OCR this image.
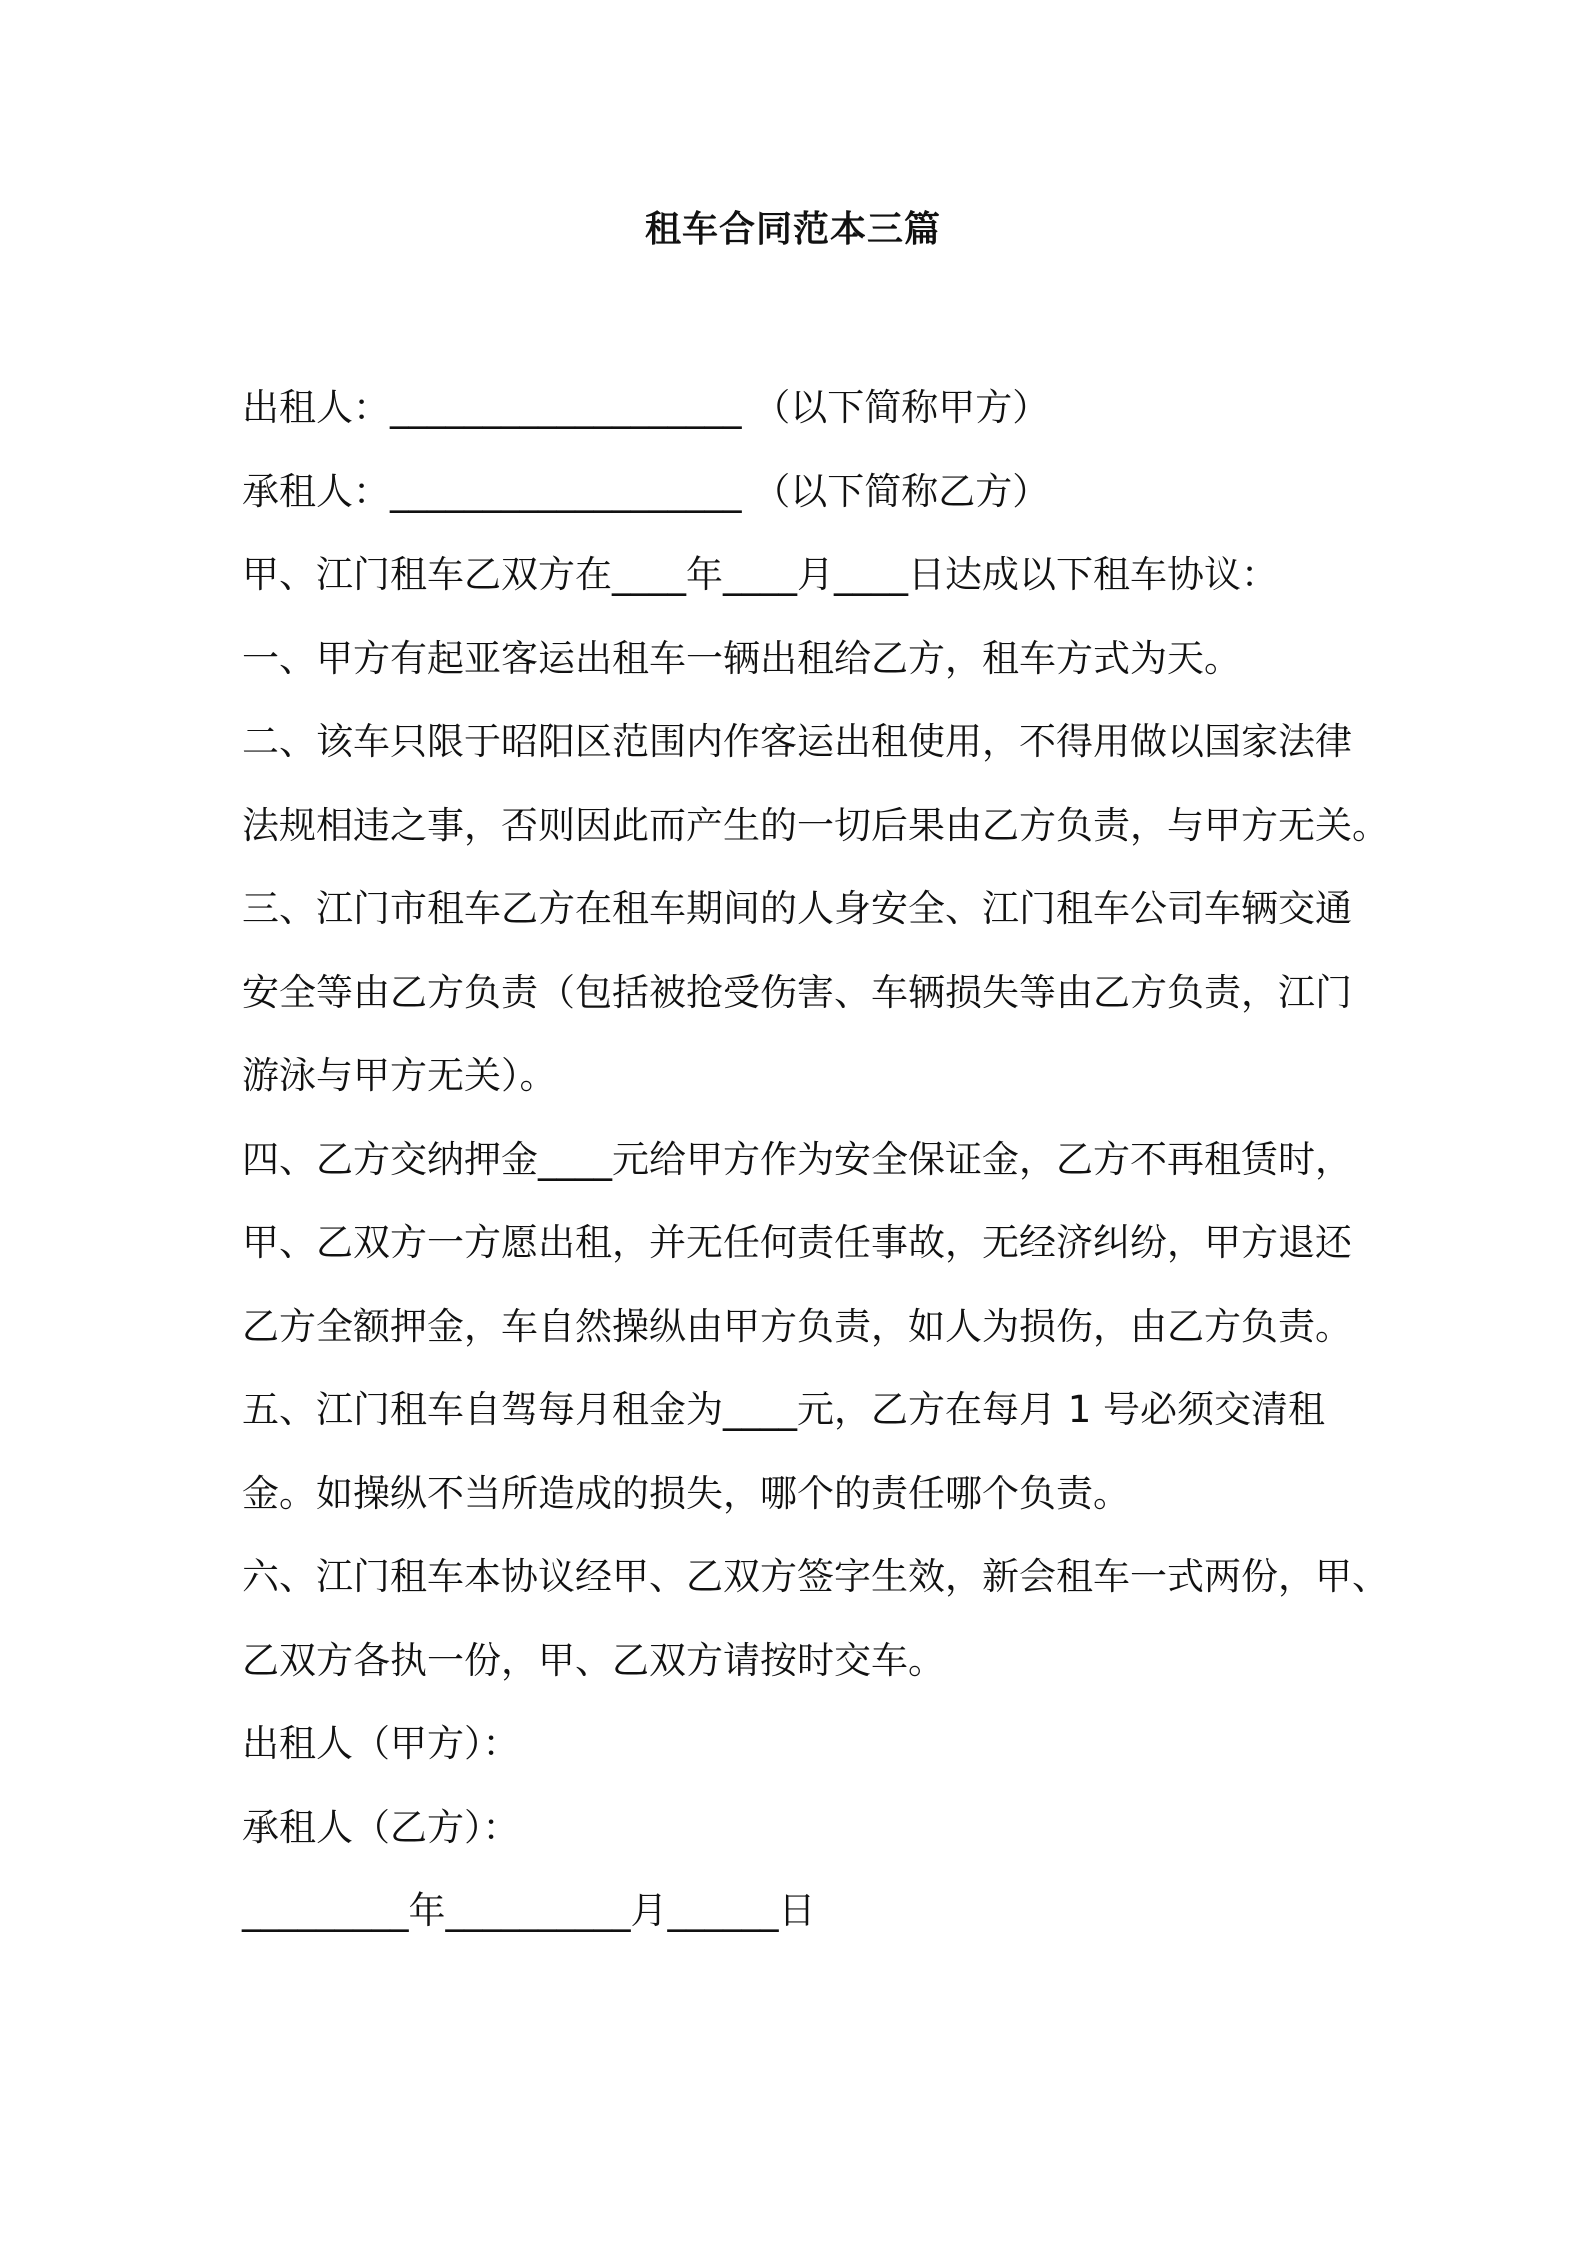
租车合同范本三篇
出租人：___________________ （以下简称甲方）
承租人：___________________ （以下简称乙方）
甲、江门租车乙双方在____年____月____日达成以下租车协议：
一、甲方有起亚客运出租车一辆出租给乙方，租车方式为天。
二、该车只限于昭阳区范围内作客运出租使用，不得用做以国家法律
法规相违之事，否则因此而产生的一切后果由乙方负责，与甲方无关。
三、江门市租车乙方在租车期间的人身安全、江门租车公司车辆交通
安全等由乙方负责（包括被抢受伤害、车辆损失等由乙方负责，江门
游泳与甲方无关）。
四、乙方交纳押金____元给甲方作为安全保证金，乙方不再租赁时，
甲、乙双方一方愿出租，并无任何责任事故，无经济纠纷，甲方退还
乙方全额押金，车自然操纵由甲方负责，如人为损伤，由乙方负责。
五、江门租车自驾每月租金为____元，乙方在每月 1 号必须交清租
金。如操纵不当所造成的损失，哪个的责任哪个负责。
六、江门租车本协议经甲、乙双方签字生效，新会租车一式两份，甲、
乙双方各执一份，甲、乙双方请按时交车。
出租人（甲方）：
承租人（乙方）：
_________年__________月______日
